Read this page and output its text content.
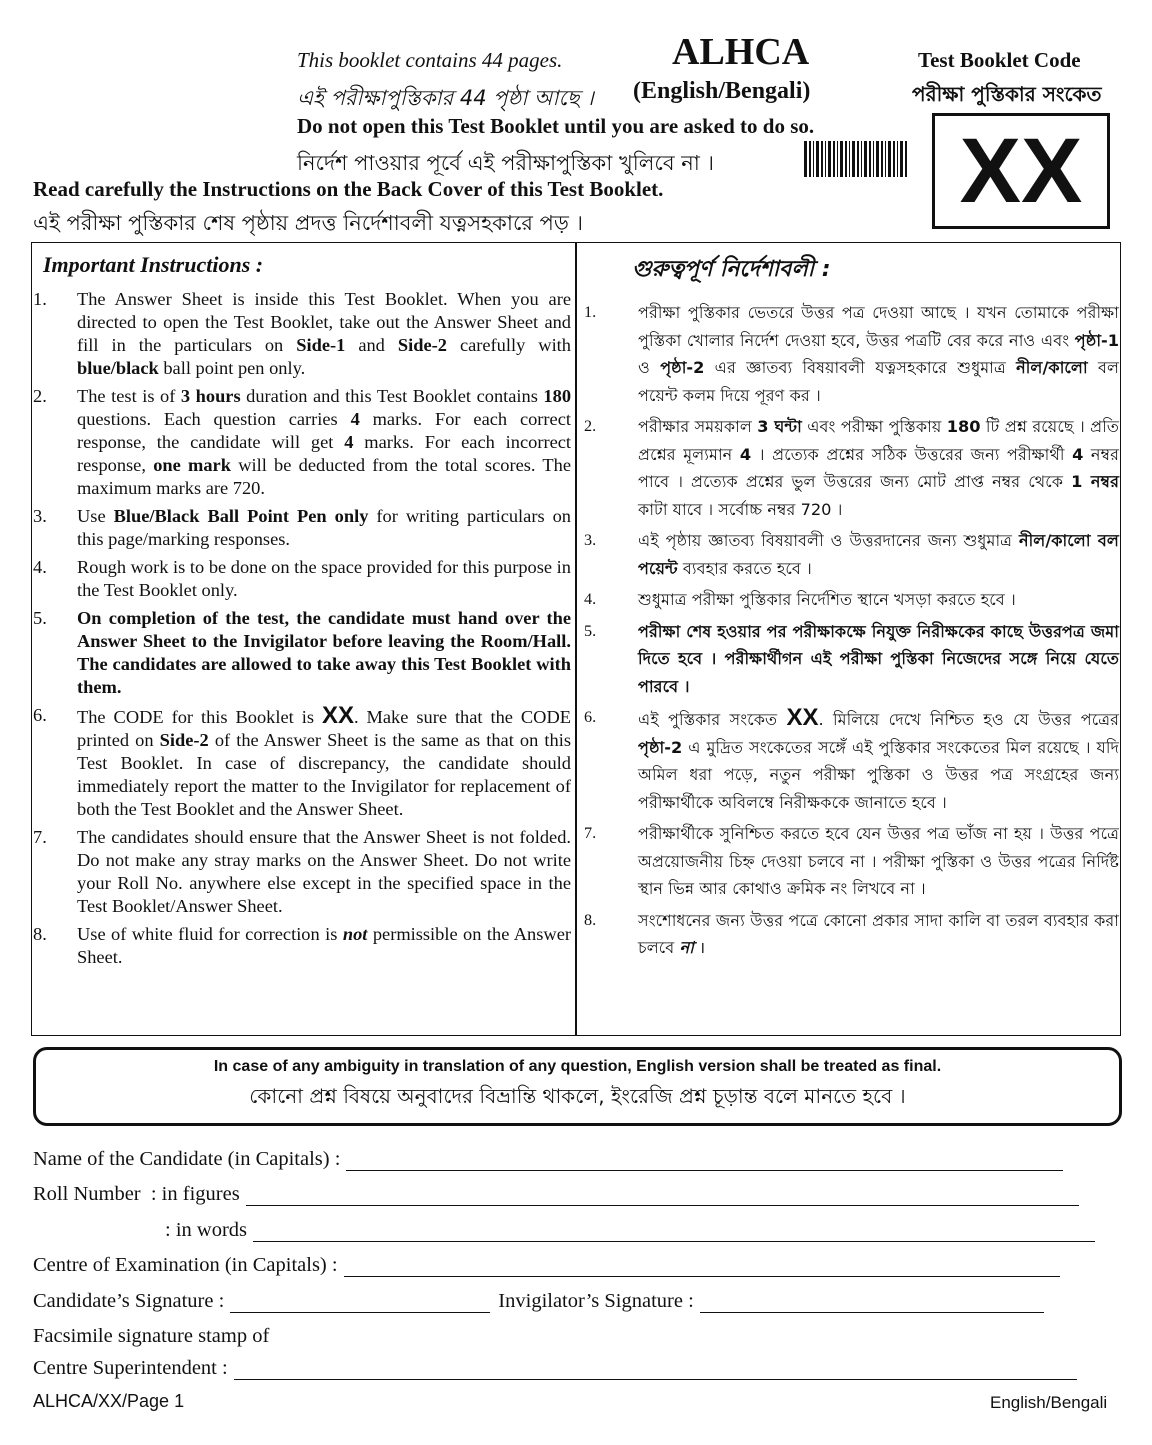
This booklet contains 44 pages.
এই পরীক্ষাপুস্তিকার 44 পৃষ্ঠা আছে ।
ALHCA
(English/Bengali)
Test Booklet Code
পরীক্ষা পুস্তিকার সংকেত
XX
Do not open this Test Booklet until you are asked to do so.
নির্দেশ পাওয়ার পূর্বে এই পরীক্ষাপুস্তিকা খুলিবে না ।
Read carefully the Instructions on the Back Cover of this Test Booklet.
এই পরীক্ষা পুস্তিকার শেষ পৃষ্ঠায় প্রদত্ত নির্দেশাবলী যত্নসহকারে পড় ।
Important Instructions :
1.	The Answer Sheet is inside this Test Booklet. When you are directed to open the Test Booklet, take out the Answer Sheet and fill in the particulars on Side-1 and Side-2 carefully with blue/black ball point pen only.
2.	The test is of 3 hours duration and this Test Booklet contains 180 questions. Each question carries 4 marks. For each correct response, the candidate will get 4 marks. For each incorrect response, one mark will be deducted from the total scores. The maximum marks are 720.
3.	Use Blue/Black Ball Point Pen only for writing particulars on this page/marking responses.
4.	Rough work is to be done on the space provided for this purpose in the Test Booklet only.
5.	On completion of the test, the candidate must hand over the Answer Sheet to the Invigilator before leaving the Room/Hall. The candidates are allowed to take away this Test Booklet with them.
6.	The CODE for this Booklet is XX. Make sure that the CODE printed on Side-2 of the Answer Sheet is the same as that on this Test Booklet. In case of discrepancy, the candidate should immediately report the matter to the Invigilator for replacement of both the Test Booklet and the Answer Sheet.
7.	The candidates should ensure that the Answer Sheet is not folded. Do not make any stray marks on the Answer Sheet. Do not write your Roll No. anywhere else except in the specified space in the Test Booklet/Answer Sheet.
8.	Use of white fluid for correction is not permissible on the Answer Sheet.
গুরুত্বপূর্ণ নির্দেশাবলী :
1.	পরীক্ষা পুস্তিকার ভেতরে উত্তর পত্র দেওয়া আছে । যখন তোমাকে পরীক্ষা পুস্তিকা খোলার নির্দেশ দেওয়া হবে, উত্তর পত্রটি বের করে নাও এবং পৃষ্ঠা-1 ও পৃষ্ঠা-2 এর জ্ঞাতব্য বিষয়াবলী যত্নসহকারে শুধুমাত্র নীল/কালো বল পয়েন্ট কলম দিয়ে পূরণ কর ।
2.	পরীক্ষার সময়কাল 3 ঘন্টা এবং পরীক্ষা পুস্তিকায় 180 টি প্রশ্ন রয়েছে । প্রতি প্রশ্নের মূল্যমান 4 । প্রত্যেক প্রশ্নের সঠিক উত্তরের জন্য পরীক্ষার্থী 4 নম্বর পাবে । প্রত্যেক প্রশ্নের ভুল উত্তরের জন্য মোট প্রাপ্ত নম্বর থেকে 1 নম্বর কাটা যাবে । সর্বোচ্চ নম্বর 720 ।
3.	এই পৃষ্ঠায় জ্ঞাতব্য বিষয়াবলী ও উত্তরদানের জন্য শুধুমাত্র নীল/কালো বল পয়েন্ট ব্যবহার করতে হবে ।
4.	শুধুমাত্র পরীক্ষা পুস্তিকার নির্দেশিত স্থানে খসড়া করতে হবে ।
5.	পরীক্ষা শেষ হওয়ার পর পরীক্ষাকক্ষে নিযুক্ত নিরীক্ষকের কাছে উত্তরপত্র জমা দিতে হবে । পরীক্ষার্থীগন এই পরীক্ষা পুস্তিকা নিজেদের সঙ্গে নিয়ে যেতে পারবে ।
6.	এই পুস্তিকার সংকেত XX. মিলিয়ে দেখে নিশ্চিত হও যে উত্তর পত্রের পৃষ্ঠা-2 এ মুদ্রিত সংকেতের সঙ্গেঁ এই পুস্তিকার সংকেতের মিল রয়েছে । যদি অমিল ধরা পড়ে, নতুন পরীক্ষা পুস্তিকা ও উত্তর পত্র সংগ্রহের জন্য পরীক্ষার্থীকে অবিলম্বে নিরীক্ষককে জানাতে হবে ।
7.	পরীক্ষার্থীকে সুনিশ্চিত করতে হবে যেন উত্তর পত্র ভাঁজ না হয় । উত্তর পত্রে অপ্রয়োজনীয় চিহ্ন দেওয়া চলবে না । পরীক্ষা পুস্তিকা ও উত্তর পত্রের নির্দিষ্ট স্থান ভিন্ন আর কোথাও ক্রমিক নং লিখবে না ।
8.	সংশোধনের জন্য উত্তর পত্রে কোনো প্রকার সাদা কালি বা তরল ব্যবহার করা চলবে না ।
In case of any ambiguity in translation of any question, English version shall be treated as final.
কোনো প্রশ্ন বিষয়ে অনুবাদের বিভ্রান্তি থাকলে, ইংরেজি প্রশ্ন চূড়ান্ত বলে মানতে হবে ।
Name of the Candidate (in Capitals) :
Roll Number  : in figures
: in words
Centre of Examination (in Capitals) :
Candidate’s Signature :	Invigilator’s Signature :
Facsimile signature stamp of
Centre Superintendent :
ALHCA/XX/Page 1	English/Bengali
